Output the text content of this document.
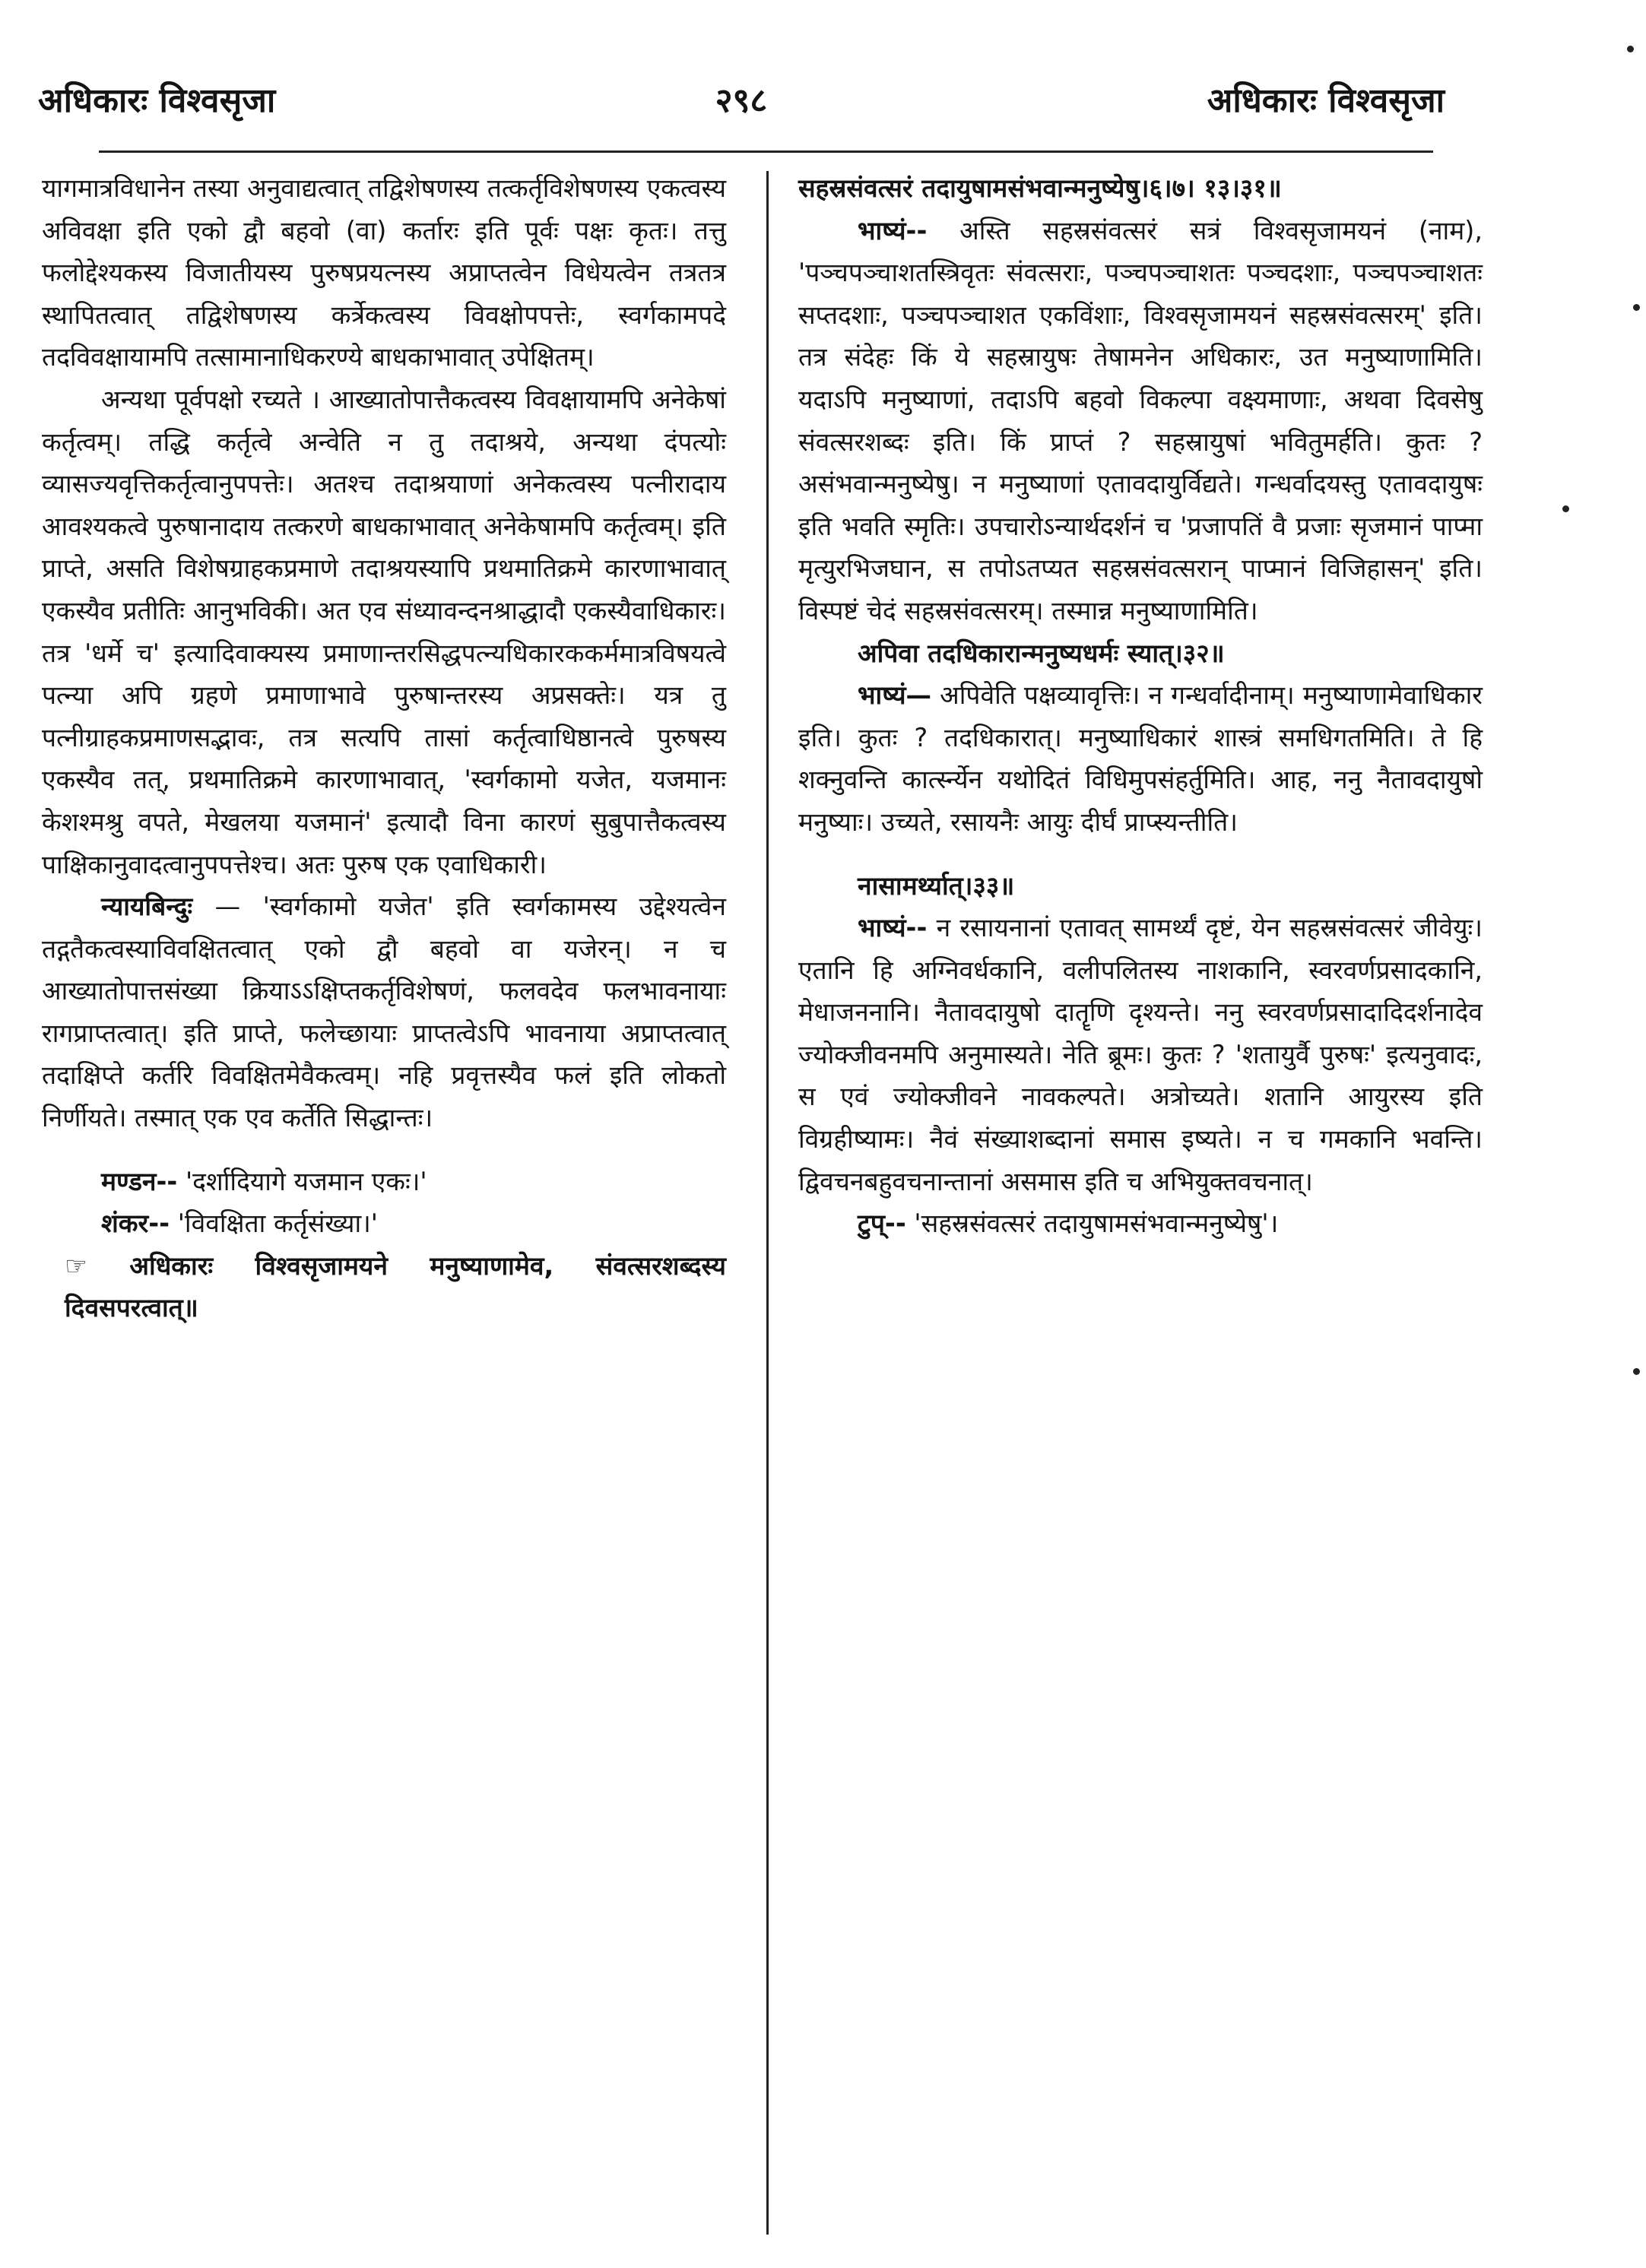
२९८
अधिकारः विश्वसृजा	अधिकारः विश्वसृजा

यागमात्रविधानेन तस्या अनुवाद्यत्वात् तद्विशेषणस्य तत्कर्तृविशेषणस्य एकत्वस्य अविवक्षा इति एको द्वौ बहवो (वा) कर्तारः इति पूर्वः पक्षः कृतः। तत्तु फलोद्देश्यकस्य विजातीयस्य पुरुषप्रयत्नस्य अप्राप्तत्वेन विधेयत्वेन तत्रतत्र स्थापितत्वात् तद्विशेषणस्य कर्त्रेकत्वस्य विवक्षोपपत्तेः, स्वर्गकामपदे तदविवक्षायामपि तत्सामानाधिकरण्ये बाधकाभावात् उपेक्षितम्।

अन्यथा पूर्वपक्षो रच्यते । आख्यातोपात्तैकत्वस्य विवक्षायामपि अनेकेषां कर्तृत्वम्। तद्धि कर्तृत्वे अन्वेति न तु तदाश्रये, अन्यथा दंपत्योः व्यासज्यवृत्तिकर्तृत्वानुपपत्तेः। अतश्च तदाश्रयाणां अनेकत्वस्य पत्नीरादाय आवश्यकत्वे पुरुषानादाय तत्करणे बाधकाभावात् अनेकेषामपि कर्तृत्वम्। इति प्राप्ते, असति विशेषग्राहकप्रमाणे तदाश्रयस्यापि प्रथमातिक्रमे कारणाभावात् एकस्यैव प्रतीतिः आनुभविकी। अत एव संध्यावन्दनश्राद्धादौ एकस्यैवाधिकारः। तत्र 'धर्मे च' इत्यादिवाक्यस्य प्रमाणान्तरसिद्धपत्न्यधिकारककर्ममात्रविषयत्वे पत्न्या अपि ग्रहणे प्रमाणाभावे पुरुषान्तरस्य अप्रसक्तेः। यत्र तु पत्नीग्राहकप्रमाणसद्भावः, तत्र सत्यपि तासां कर्तृत्वाधिष्ठानत्वे पुरुषस्य एकस्यैव तत्, प्रथमातिक्रमे कारणाभावात्, 'स्वर्गकामो यजेत, यजमानः केशश्मश्रु वपते, मेखलया यजमानं' इत्यादौ विना कारणं सुबुपात्तैकत्वस्य पाक्षिकानुवादत्वानुपपत्तेश्च। अतः पुरुष एक एवाधिकारी।

न्यायबिन्दुः — 'स्वर्गकामो यजेत' इति स्वर्गकामस्य उद्देश्यत्वेन तद्गतैकत्वस्याविवक्षितत्वात् एको द्वौ बहवो वा यजेरन्। न च आख्यातोपात्तसंख्या क्रियाऽऽक्षिप्तकर्तृविशेषणं, फलवदेव फलभावनायाः रागप्राप्तत्वात्। इति प्राप्ते, फलेच्छायाः प्राप्तत्वेऽपि भावनाया अप्राप्तत्वात् तदाक्षिप्ते कर्तरि विवक्षितमेवैकत्वम्। नहि प्रवृत्तस्यैव फलं इति लोकतो निर्णीयते। तस्मात् एक एव कर्तेति सिद्धान्तः।

मण्डन-- 'दर्शादियागे यजमान एकः।'

शंकर-- 'विवक्षिता कर्तृसंख्या।'

☞ अधिकारः विश्वसृजामयने मनुष्याणामेव, संवत्सरशब्दस्य दिवसपरत्वात्॥

सहस्रसंवत्सरं तदायुषामसंभवान्मनुष्येषु।६।७। १३।३१॥

भाष्यं-- अस्ति सहस्रसंवत्सरं सत्रं विश्वसृजामयनं (नाम), 'पञ्चपञ्चाशतस्त्रिवृतः संवत्सराः, पञ्चपञ्चाशतः पञ्चदशाः, पञ्चपञ्चाशतः सप्तदशाः, पञ्चपञ्चाशत एकविंशाः, विश्वसृजामयनं सहस्रसंवत्सरम्' इति। तत्र संदेहः किं ये सहस्रायुषः तेषामनेन अधिकारः, उत मनुष्याणामिति। यदाऽपि मनुष्याणां, तदाऽपि बहवो विकल्पा वक्ष्यमाणाः, अथवा दिवसेषु संवत्सरशब्दः इति। किं प्राप्तं ? सहस्रायुषां भवितुमर्हति। कुतः ? असंभवान्मनुष्येषु। न मनुष्याणां एतावदायुर्विद्यते। गन्धर्वादयस्तु एतावदायुषः इति भवति स्मृतिः। उपचारोऽन्यार्थदर्शनं च 'प्रजापतिं वै प्रजाः सृजमानं पाप्मा मृत्युरभिजघान, स तपोऽतप्यत सहस्रसंवत्सरान् पाप्मानं विजिहासन्' इति। विस्पष्टं चेदं सहस्रसंवत्सरम्। तस्मान्न मनुष्याणामिति।

अपिवा तदधिकारान्मनुष्यधर्मः स्यात्।३२॥

भाष्यं— अपिवेति पक्षव्यावृत्तिः। न गन्धर्वादीनाम्। मनुष्याणामेवाधिकार इति। कुतः ? तदधिकारात्। मनुष्याधिकारं शास्त्रं समधिगतमिति। ते हि शक्नुवन्ति कार्त्स्न्येन यथोदितं विधिमुपसंहर्तुमिति। आह, ननु नैतावदायुषो मनुष्याः। उच्यते, रसायनैः आयुः दीर्घं प्राप्स्यन्तीति।

नासामर्थ्यात्।३३॥

भाष्यं-- न रसायनानां एतावत् सामर्थ्यं दृष्टं, येन सहस्रसंवत्सरं जीवेयुः। एतानि हि अग्निवर्धकानि, वलीपलितस्य नाशकानि, स्वरवर्णप्रसादकानि, मेधाजननानि। नैतावदायुषो दातॄणि दृश्यन्ते। ननु स्वरवर्णप्रसादादिदर्शनादेव ज्योक्जीवनमपि अनुमास्यते। नेति ब्रूमः। कुतः ? 'शतायुर्वै पुरुषः' इत्यनुवादः, स एवं ज्योक्जीवने नावकल्पते। अत्रोच्यते। शतानि आयुरस्य इति विग्रहीष्यामः। नैवं संख्याशब्दानां समास इष्यते। न च गमकानि भवन्ति। द्विवचनबहुवचनान्तानां असमास इति च अभियुक्तवचनात्।

टुप्-- 'सहस्रसंवत्सरं तदायुषामसंभवान्मनुष्येषु'।
